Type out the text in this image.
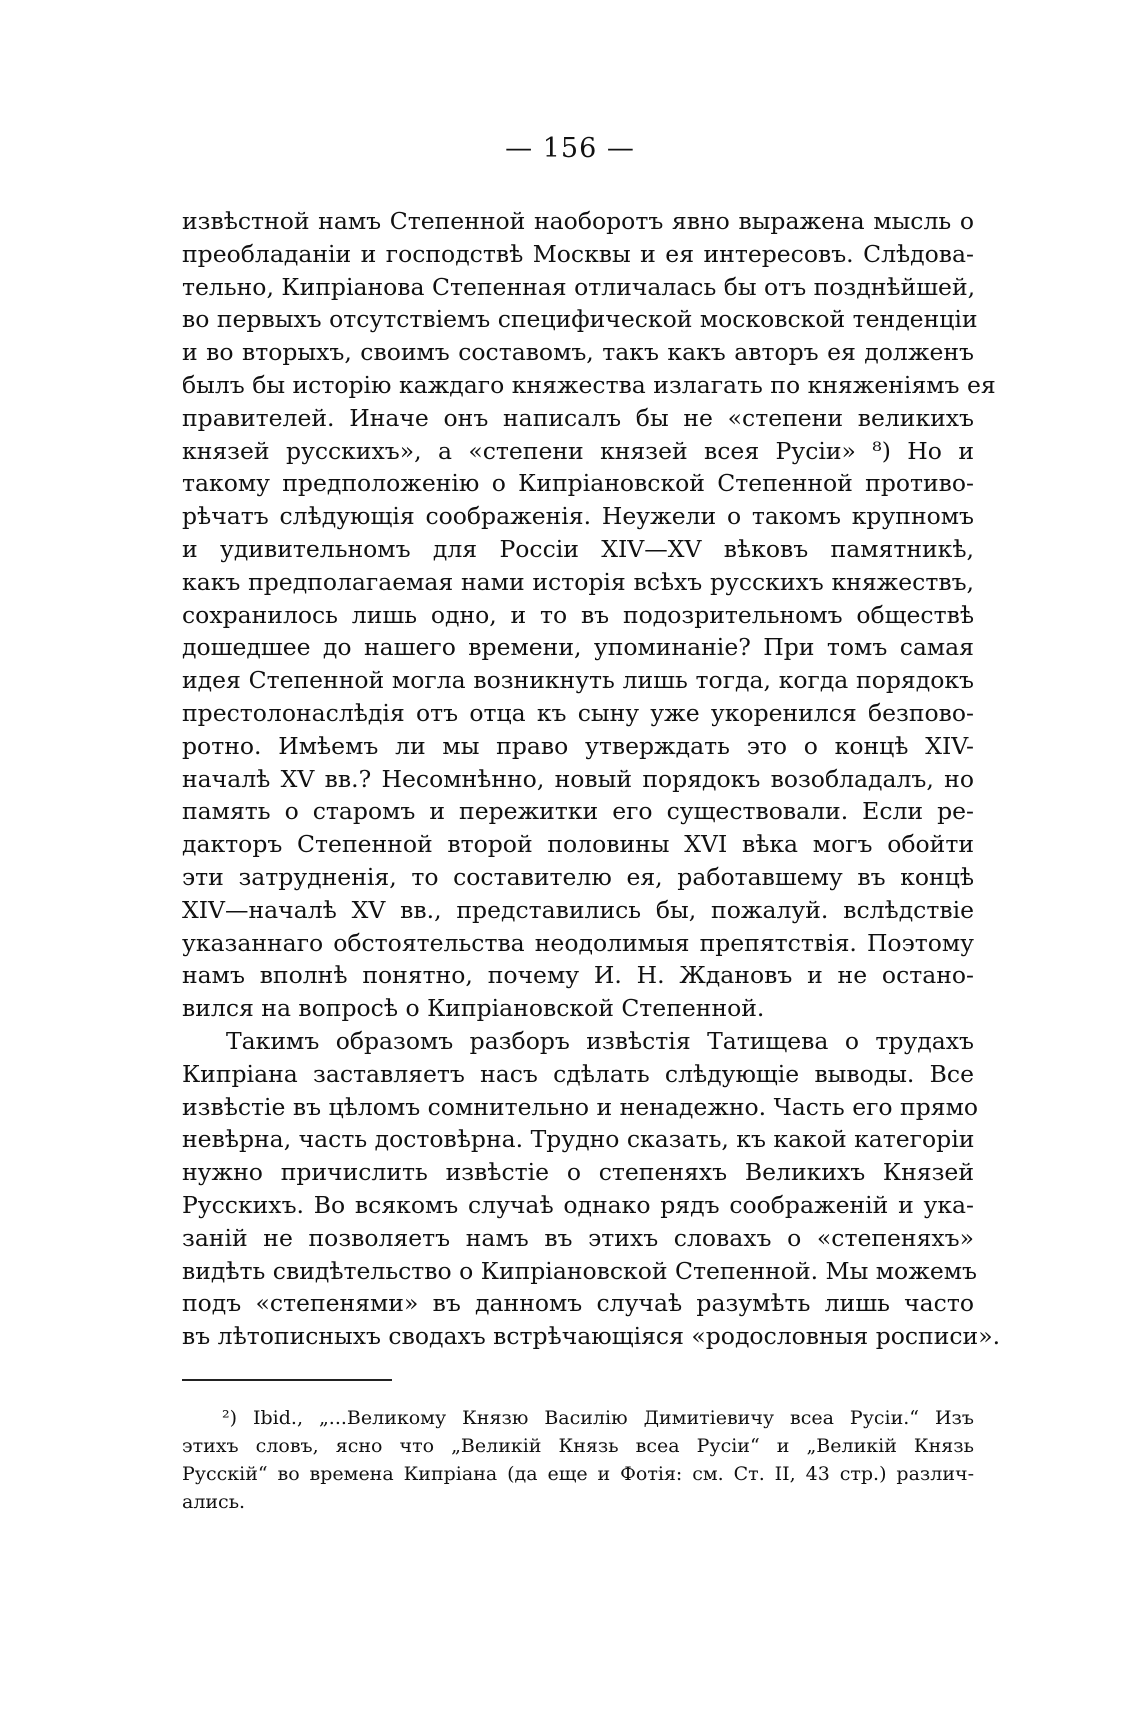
— 156 —
извѣстной намъ Степенной наоборотъ явно выражена мысль о
преобладаніи и господствѣ Москвы и ея интересовъ. Слѣдова-
тельно, Кипріанова Степенная отличалась бы отъ позднѣйшей,
во первыхъ отсутствіемъ специфической московской тенденціи
и во вторыхъ, своимъ составомъ, такъ какъ авторъ ея долженъ
былъ бы исторію каждаго княжества излагать по княженіямъ ея
правителей. Иначе онъ написалъ бы не «степени великихъ
князей русскихъ», а «степени князей всея Русіи» ⁸) Но и
такому предположенію о Кипріановской Степенной противо-
рѣчатъ слѣдующія соображенія. Неужели о такомъ крупномъ
и удивительномъ для Россіи XIV—XV вѣковъ памятникѣ,
какъ предполагаемая нами исторія всѣхъ русскихъ княжествъ,
сохранилось лишь одно, и то въ подозрительномъ обществѣ
дошедшее до нашего времени, упоминаніе? При томъ самая
идея Степенной могла возникнуть лишь тогда, когда порядокъ
престолонаслѣдія отъ отца къ сыну уже укоренился безпово-
ротно. Имѣемъ ли мы право утверждать это о концѣ XIV-
началѣ XV вв.? Несомнѣнно, новый порядокъ возобладалъ, но
память о старомъ и пережитки его существовали. Если ре-
дакторъ Степенной второй половины XVI вѣка могъ обойти
эти затрудненія, то составителю ея, работавшему въ концѣ
XIV—началѣ XV вв., представились бы, пожалуй. вслѣдствіе
указаннаго обстоятельства неодолимыя препятствія. Поэтому
намъ вполнѣ понятно, почему И. Н. Ждановъ и не остано-
вился на вопросѣ о Кипріановской Степенной.
Такимъ образомъ разборъ извѣстія Татищева о трудахъ
Кипріана заставляетъ насъ сдѣлать слѣдующіе выводы. Все
извѣстіе въ цѣломъ сомнительно и ненадежно. Часть его прямо
невѣрна, часть достовѣрна. Трудно сказать, къ какой категоріи
нужно причислить извѣстіе о степеняхъ Великихъ Князей
Русскихъ. Во всякомъ случаѣ однако рядъ соображеній и ука-
заній не позволяетъ намъ въ этихъ словахъ о «степеняхъ»
видѣть свидѣтельство о Кипріановской Степенной. Мы можемъ
подъ «степенями» въ данномъ случаѣ разумѣть лишь часто
въ лѣтописныхъ сводахъ встрѣчающіяся «родословныя росписи».
²) Ibid., „...Великому Князю Василію Димитіевичу всеа Русіи.“ Изъ
этихъ словъ, ясно что „Великій Князь всеа Русіи“ и „Великій Князь
Русскій“ во времена Кипріана (да еще и Фотія: см. Ст. II, 43 стр.) различ-
ались.
